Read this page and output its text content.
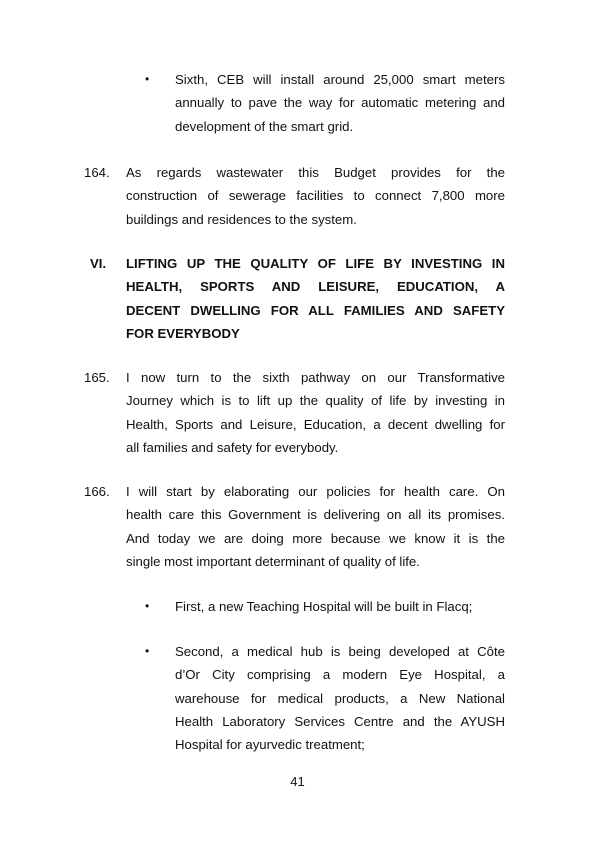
• Sixth, CEB will install around 25,000 smart meters
annually to pave the way for automatic metering and
development of the smart grid.
164. As regards wastewater this Budget provides for the
construction of sewerage facilities to connect 7,800 more
buildings and residences to the system.
VI. LIFTING UP THE QUALITY OF LIFE BY INVESTING IN
HEALTH, SPORTS AND LEISURE, EDUCATION, A
DECENT DWELLING FOR ALL FAMILIES AND SAFETY
FOR EVERYBODY
165. I now turn to the sixth pathway on our Transformative
Journey which is to lift up the quality of life by investing in
Health, Sports and Leisure, Education, a decent dwelling for
all families and safety for everybody.
166. I will start by elaborating our policies for health care. On
health care this Government is delivering on all its promises.
And today we are doing more because we know it is the
single most important determinant of quality of life.
• First, a new Teaching Hospital will be built in Flacq;
• Second, a medical hub is being developed at Côte
d’Or City comprising a modern Eye Hospital, a
warehouse for medical products, a New National
Health Laboratory Services Centre and the AYUSH
Hospital for ayurvedic treatment;
41
